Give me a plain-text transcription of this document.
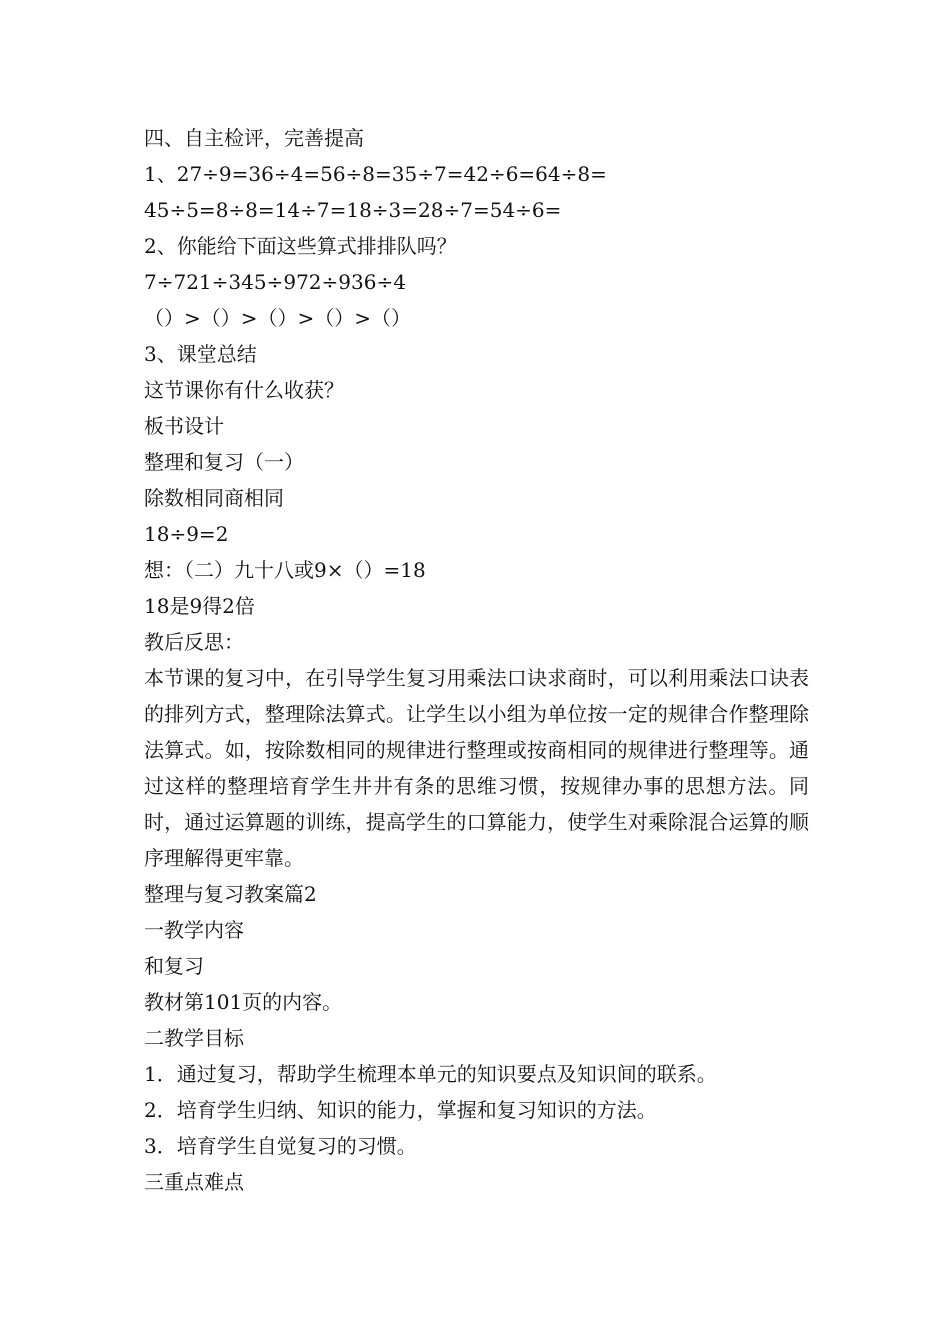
四、自主检评，完善提高
1、27÷9=36÷4=56÷8=35÷7=42÷6=64÷8=
45÷5=8÷8=14÷7=18÷3=28÷7=54÷6=
2、你能给下面这些算式排排队吗？
7÷721÷345÷972÷936÷4
（）>（）>（）>（）>（）
3、课堂总结
这节课你有什么收获？
板书设计
整理和复习（一）
除数相同商相同
18÷9=2
想：（二）九十八或9×（）=18
18是9得2倍
教后反思：
本节课的复习中，在引导学生复习用乘法口诀求商时，可以利用乘法口诀表的排列方式，整理除法算式。让学生以小组为单位按一定的规律合作整理除法算式。如，按除数相同的规律进行整理或按商相同的规律进行整理等。通过这样的整理培育学生井井有条的思维习惯，按规律办事的思想方法。同时，通过运算题的训练，提高学生的口算能力，使学生对乘除混合运算的顺序理解得更牢靠。
整理与复习教案篇2
一教学内容
和复习
教材第101页的内容。
二教学目标
1．通过复习，帮助学生梳理本单元的知识要点及知识间的联系。
2．培育学生归纳、知识的能力，掌握和复习知识的方法。
3．培育学生自觉复习的习惯。
三重点难点
